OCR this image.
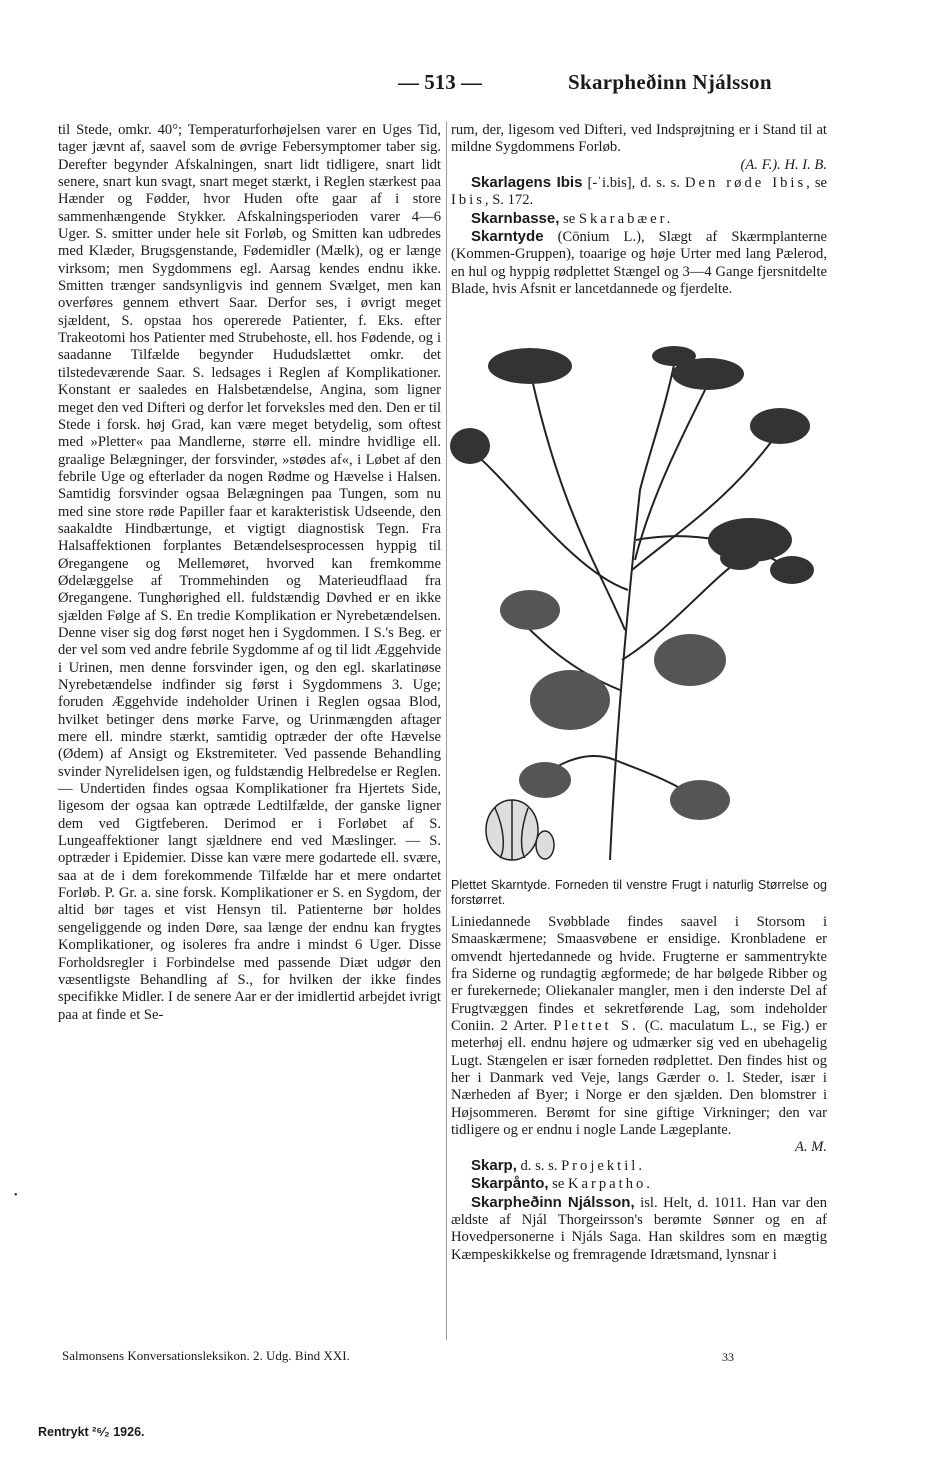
— 513 —	Skarpheðinn Njálsson

til Stede, omkr. 40°; Temperaturforhøjelsen varer en Uges Tid, tager jævnt af, saavel som de øvrige Febersymptomer taber sig. Derefter begynder Afskalningen, snart lidt tidligere, snart lidt senere, snart kun svagt, snart meget stærkt, i Reglen stærkest paa Hænder og Fødder, hvor Huden ofte gaar af i store sammenhængende Stykker. Afskalningsperioden varer 4—6 Uger. S. smitter under hele sit Forløb, og Smitten kan udbredes med Klæder, Brugsgenstande, Fødemidler (Mælk), og er længe virksom; men Sygdommens egl. Aarsag kendes endnu ikke. Smitten trænger sandsynligvis ind gennem Svælget, men kan overføres gennem ethvert Saar. Derfor ses, i øvrigt meget sjældent, S. opstaa hos opererede Patienter, f. Eks. efter Trakeotomi hos Patienter med Strubehoste, ell. hos Fødende, og i saadanne Tilfælde begynder Hududslættet omkr. det tilstedeværende Saar. S. ledsages i Reglen af Komplikationer. Konstant er saaledes en Halsbetændelse, Angina, som ligner meget den ved Difteri og derfor let forveksles med den. Den er til Stede i forsk. høj Grad, kan være meget betydelig, som oftest med »Pletter« paa Mandlerne, større ell. mindre hvidlige ell. graalige Belægninger, der forsvinder, »stødes af«, i Løbet af den febrile Uge og efterlader da nogen Rødme og Hævelse i Halsen. Samtidig forsvinder ogsaa Belægningen paa Tungen, som nu med sine store røde Papiller faar et karakteristisk Udseende, den saakaldte Hindbærtunge, et vigtigt diagnostisk Tegn. Fra Halsaffektionen forplantes Betændelsesprocessen hyppig til Øregangene og Mellemøret, hvorved kan fremkomme Ødelæggelse af Trommehinden og Materieudflaad fra Øregangene. Tunghørighed ell. fuldstændig Døvhed er en ikke sjælden Følge af S. En tredie Komplikation er Nyrebetændelsen. Denne viser sig dog først noget hen i Sygdommen. I S.'s Beg. er der vel som ved andre febrile Sygdomme af og til lidt Æggehvide i Urinen, men denne forsvinder igen, og den egl. skarlatinøse Nyrebetændelse indfinder sig først i Sygdommens 3. Uge; foruden Æggehvide indeholder Urinen i Reglen ogsaa Blod, hvilket betinger dens mørke Farve, og Urinmængden aftager mere ell. mindre stærkt, samtidig optræder der ofte Hævelse (Ødem) af Ansigt og Ekstremiteter. Ved passende Behandling svinder Nyrelidelsen igen, og fuldstændig Helbredelse er Reglen. — Undertiden findes ogsaa Komplikationer fra Hjertets Side, ligesom der ogsaa kan optræde Ledtilfælde, der ganske ligner dem ved Gigtfeberen. Derimod er i Forløbet af S. Lungeaffektioner langt sjældnere end ved Mæslinger. — S. optræder i Epidemier. Disse kan være mere godartede ell. svære, saa at de i dem forekommende Tilfælde har et mere ondartet Forløb. P. Gr. a. sine forsk. Komplikationer er S. en Sygdom, der altid bør tages et vist Hensyn til. Patienterne bør holdes sengeliggende og inden Døre, saa længe der endnu kan frygtes Komplikationer, og isoleres fra andre i mindst 6 Uger. Disse Forholdsregler i Forbindelse med passende Diæt udgør den væsentligste Behandling af S., for hvilken der ikke findes specifikke Midler. I de senere Aar er der imidlertid arbejdet ivrigt paa at finde et Se-

rum, der, ligesom ved Difteri, ved Indsprøjtning er i Stand til at mildne Sygdommens Forløb.

(A. F.). H. I. B.

Skarlagens Ibis [-ˈi.bis], d. s. s. Den røde Ibis, se Ibis, S. 172.

Skarnbasse, se Skarabæer.

Skarntyde (Cōnium L.), Slægt af Skærmplanterne (Kommen-Gruppen), toaarige og høje Urter med lang Pælerod, en hul og hyppig rødplettet Stængel og 3—4 Gange fjersnitdelte Blade, hvis Afsnit er lancetdannede og fjerdelte.

Plettet Skarntyde. Forneden til venstre Frugt i naturlig Størrelse og forstørret.

Liniedannede Svøbblade findes saavel i Storsom i Smaaskærmene; Smaasvøbene er ensidige. Kronbladene er omvendt hjertedannede og hvide. Frugterne er sammentrykte fra Siderne og rundagtig ægformede; de har bølgede Ribber og er furekernede; Oliekanaler mangler, men i den inderste Del af Frugtvæggen findes et sekretførende Lag, som indeholder Coniin. 2 Arter. Plettet S. (C. maculatum L., se Fig.) er meterhøj ell. endnu højere og udmærker sig ved en ubehagelig Lugt. Stængelen er især forneden rødplettet. Den findes hist og her i Danmark ved Veje, langs Gærder o. l. Steder, især i Nærheden af Byer; i Norge er den sjælden. Den blomstrer i Højsommeren. Berømt for sine giftige Virkninger; den var tidligere og er endnu i nogle Lande Lægeplante.

A. M.

Skarp, d. s. s. Projektil.

Skarpånto, se Karpatho.

Skarpheðinn Njálsson, isl. Helt, d. 1011. Han var den ældste af Njál Thorgeirsson's berømte Sønner og en af Hovedpersonerne i Njáls Saga. Han skildres som en mægtig Kæmpeskikkelse og fremragende Idrætsmand, lynsnar i

Salmonsens Konversationsleksikon. 2. Udg. Bind XXI.	33
Rentrykt ²⁶⁄₂ 1926.
•
